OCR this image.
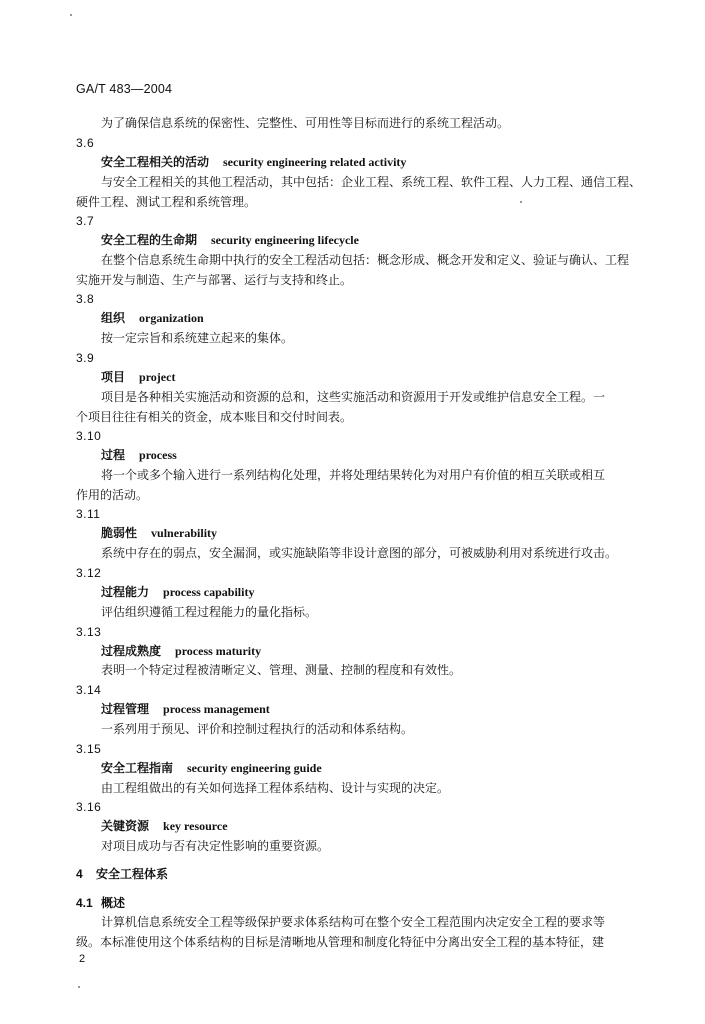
GA/T 483—2004
为了确保信息系统的保密性、完整性、可用性等目标而进行的系统工程活动。
3.6
安全工程相关的活动 security engineering related activity
与安全工程相关的其他工程活动，其中包括：企业工程、系统工程、软件工程、人力工程、通信工程、
硬件工程、测试工程和系统管理。
3.7
安全工程的生命期 security engineering lifecycle
在整个信息系统生命期中执行的安全工程活动包括：概念形成、概念开发和定义、验证与确认、工程
实施开发与制造、生产与部署、运行与支持和终止。
3.8
组织 organization
按一定宗旨和系统建立起来的集体。
3.9
项目 project
项目是各种相关实施活动和资源的总和，这些实施活动和资源用于开发或维护信息安全工程。一
个项目往往有相关的资金，成本账目和交付时间表。
3.10
过程 process
将一个或多个输入进行一系列结构化处理，并将处理结果转化为对用户有价值的相互关联或相互
作用的活动。
3.11
脆弱性 vulnerability
系统中存在的弱点，安全漏洞，或实施缺陷等非设计意图的部分，可被威胁利用对系统进行攻击。
3.12
过程能力 process capability
评估组织遵循工程过程能力的量化指标。
3.13
过程成熟度 process maturity
表明一个特定过程被清晰定义、管理、测量、控制的程度和有效性。
3.14
过程管理 process management
一系列用于预见、评价和控制过程执行的活动和体系结构。
3.15
安全工程指南 security engineering guide
由工程组做出的有关如何选择工程体系结构、设计与实现的决定。
3.16
关键资源 key resource
对项目成功与否有决定性影响的重要资源。
4 安全工程体系
4.1 概述
计算机信息系统安全工程等级保护要求体系结构可在整个安全工程范围内决定安全工程的要求等
级。本标准使用这个体系结构的目标是清晰地从管理和制度化特征中分离出安全工程的基本特征，建
2
